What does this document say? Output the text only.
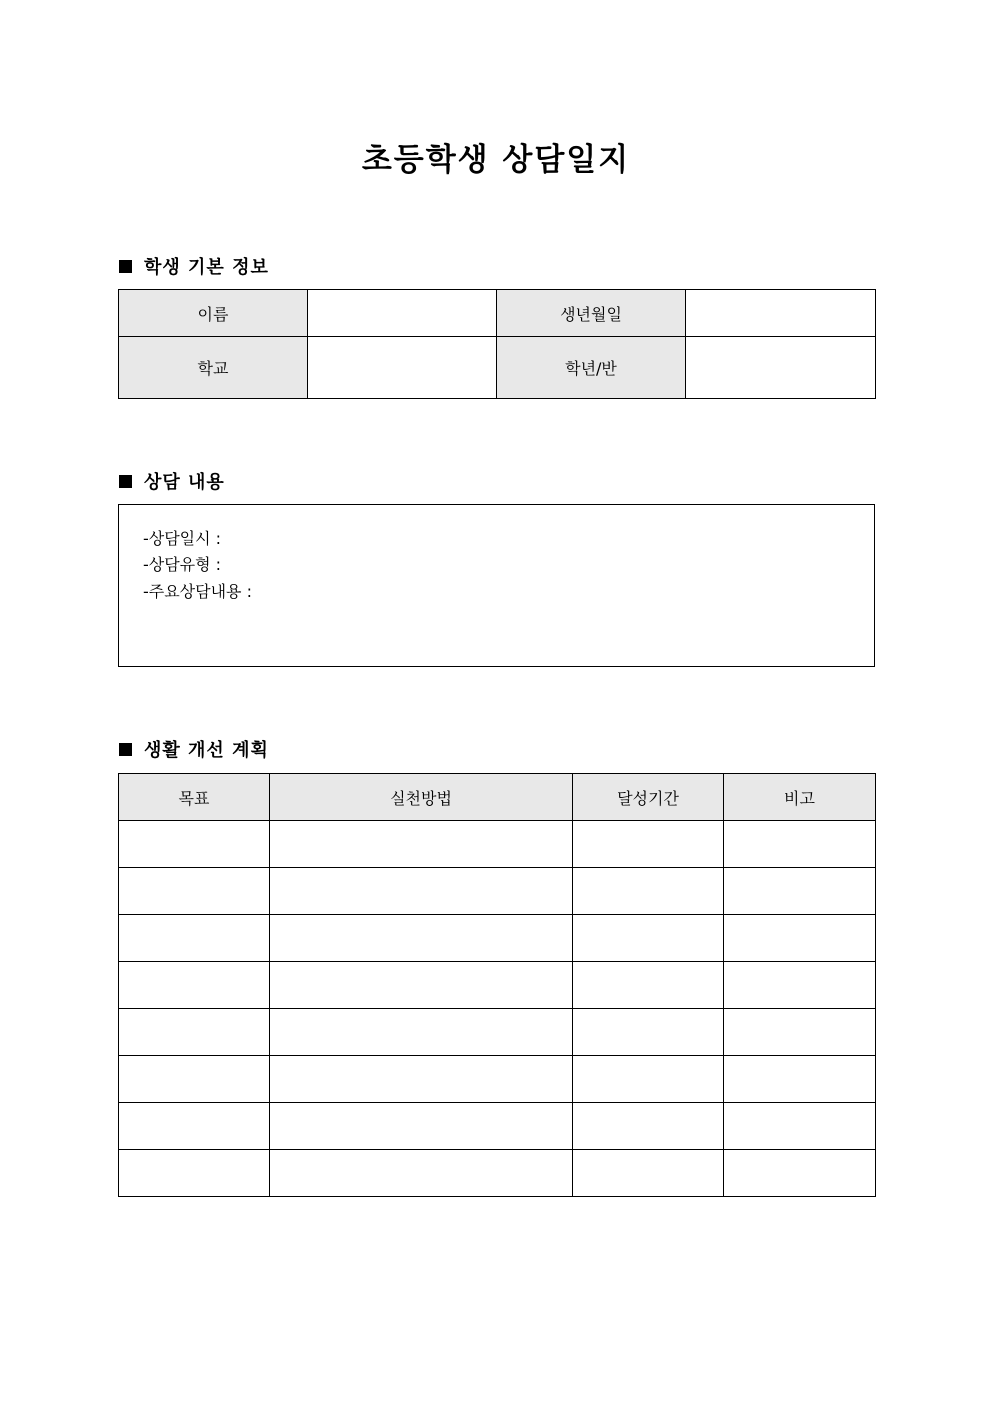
초등학생 상담일지
학생 기본 정보
이름		생년월일	
학교		학년/반	
상담 내용
-상담일시 :
-상담유형 :
-주요상담내용 :
생활 개선 계획
목표	실천방법	달성기간	비고
